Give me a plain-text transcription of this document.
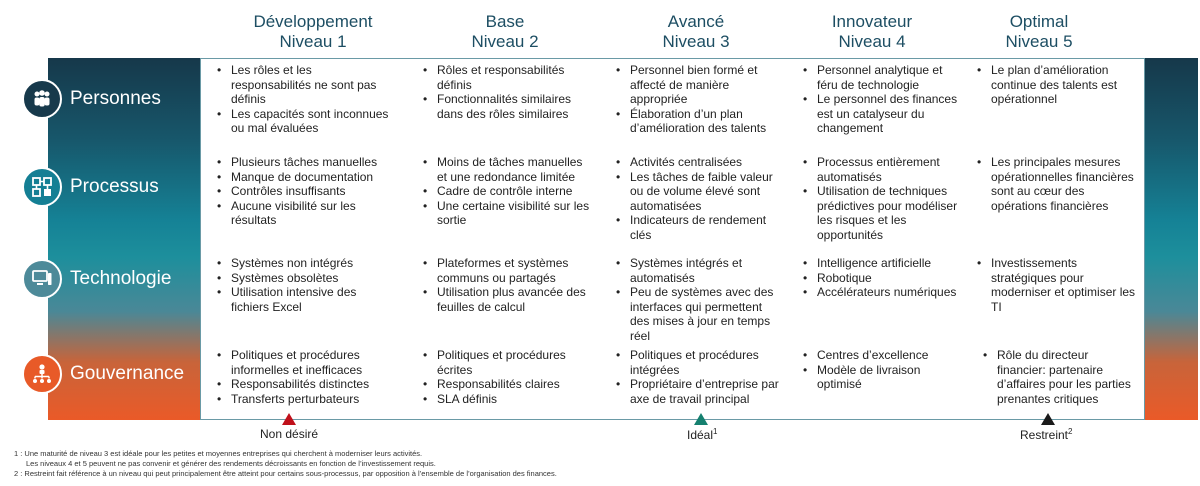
Développement
Niveau 1
Base
Niveau 2
Avancé
Niveau 3
Innovateur
Niveau 4
Optimal
Niveau 5
Personnes
Processus
Technologie
Gouvernance
• Les rôles et les responsabilités ne sont pas définis
• Les capacités sont inconnues ou mal évaluées
• Rôles et responsabilités définis
• Fonctionnalités similaires dans des rôles similaires
• Personnel bien formé et affecté de manière appropriée
• Élaboration d’un plan d’amélioration des talents
• Personnel analytique et féru de technologie
• Le personnel des finances est un catalyseur du changement
• Le plan d’amélioration continue des talents est opérationnel
• Plusieurs tâches manuelles
• Manque de documentation
• Contrôles insuffisants
• Aucune visibilité sur les résultats
• Moins de tâches manuelles et une redondance limitée
• Cadre de contrôle interne
• Une certaine visibilité sur les sortie
• Activités centralisées
• Les tâches de faible valeur ou de volume élevé sont automatisées
• Indicateurs de rendement clés
• Processus entièrement automatisés
• Utilisation de techniques prédictives pour modéliser les risques et les opportunités
• Les principales mesures opérationnelles financières sont au cœur des opérations financières
• Systèmes non intégrés
• Systèmes obsolètes
• Utilisation intensive des fichiers Excel
• Plateformes et systèmes communs ou partagés
• Utilisation plus avancée des feuilles de calcul
• Systèmes intégrés et automatisés
• Peu de systèmes avec des interfaces qui permettent des mises à jour en temps réel
• Intelligence artificielle
• Robotique
• Accélérateurs numériques
• Investissements stratégiques pour moderniser et optimiser les TI
• Politiques et procédures informelles et inefficaces
• Responsabilités distinctes
• Transferts perturbateurs
• Politiques et procédures écrites
• Responsabilités claires
• SLA définis
• Politiques et procédures intégrées
• Propriétaire d’entreprise par axe de travail principal
• Centres d’excellence
• Modèle de livraison optimisé
• Rôle du directeur financier: partenaire d’affaires pour les parties prenantes critiques
Non désiré	Idéal$^1$	Restreint$^2$
1 : Une maturité de niveau 3 est idéale pour les petites et moyennes entreprises qui cherchent à moderniser leurs activités.
Les niveaux 4 et 5 peuvent ne pas convenir et générer des rendements décroissants en fonction de l’investissement requis.
2 : Restreint fait référence à un niveau qui peut principalement être atteint pour certains sous-processus, par opposition à l’ensemble de l’organisation des finances.
